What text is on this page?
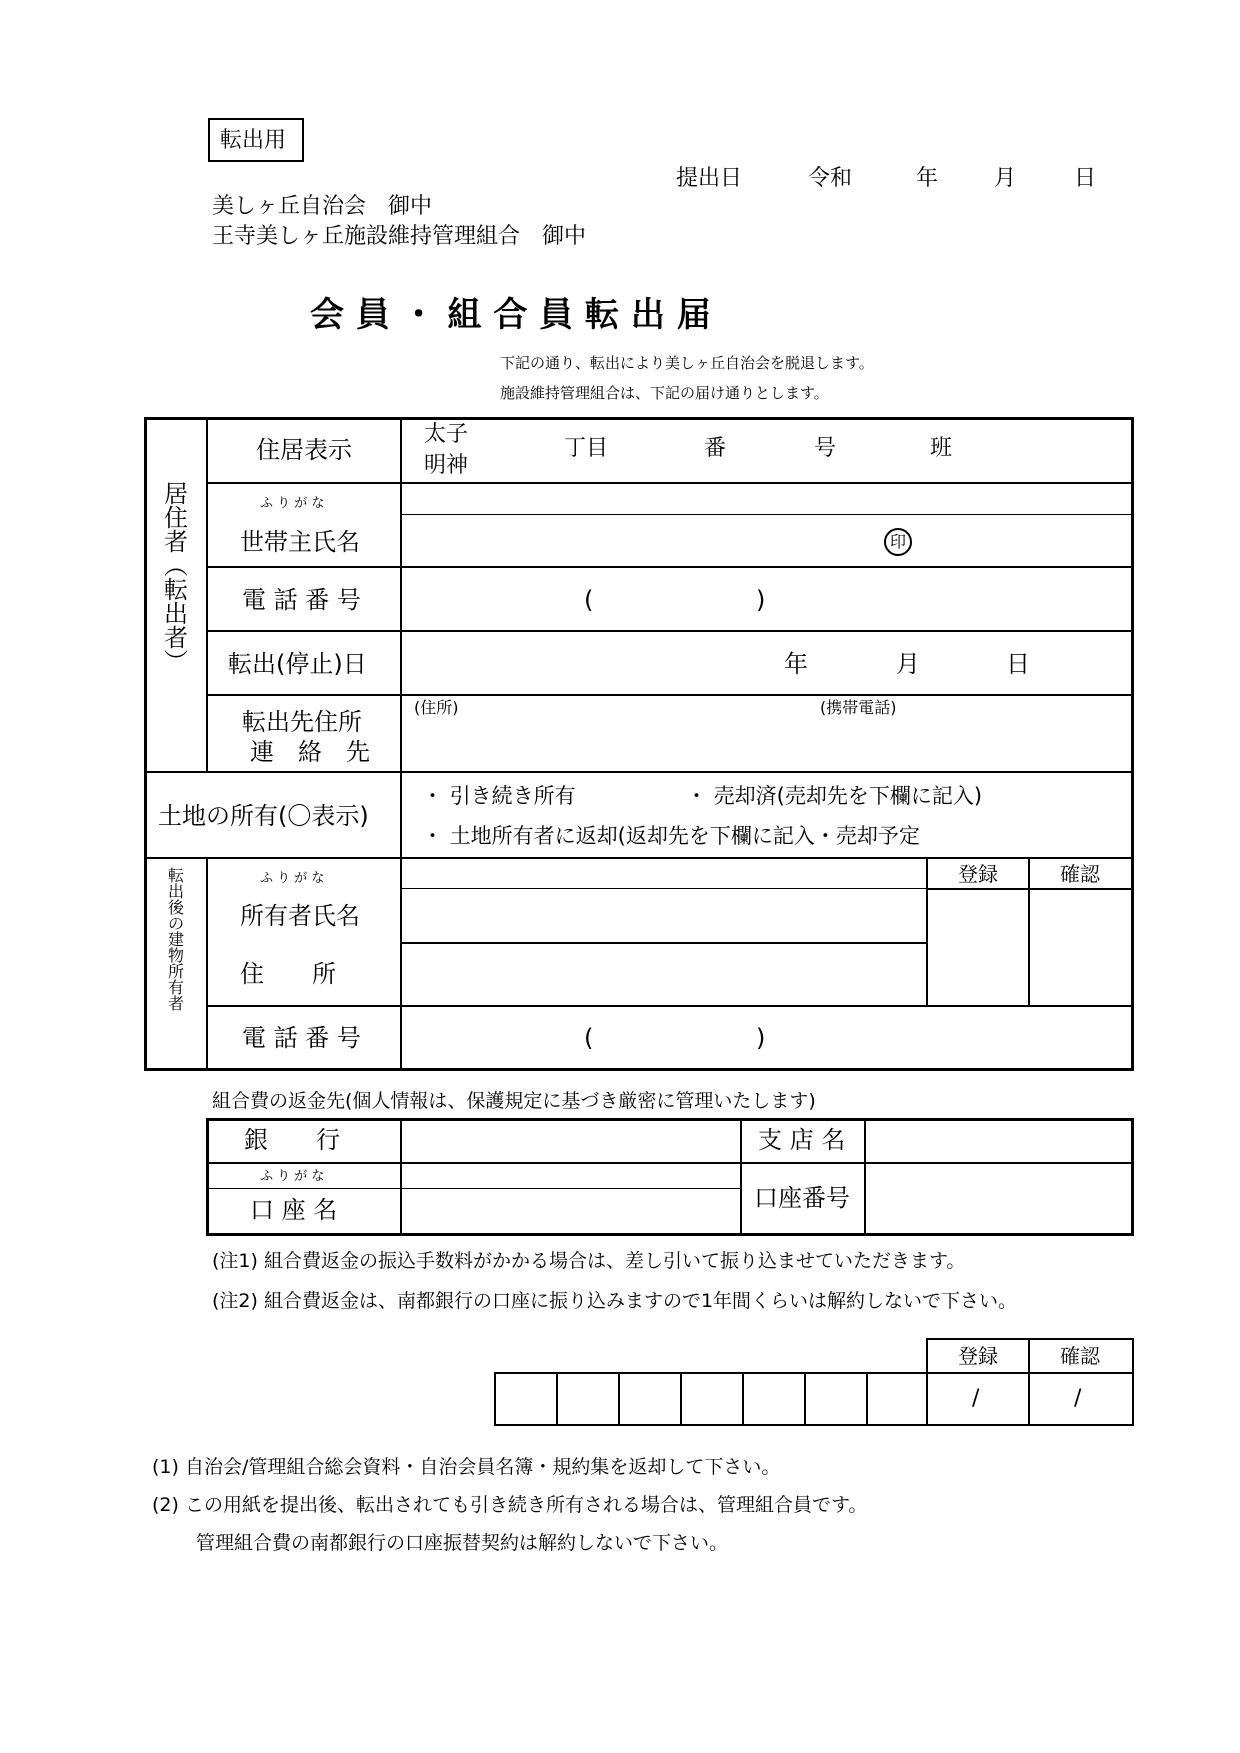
転出用
提出日	令和	年	月	日
美しヶ丘自治会　御中
王寺美しヶ丘施設維持管理組合　御中
会 員 ・ 組 合 員 転 出 届
下記の通り、転出により美しヶ丘自治会を脱退します。
施設維持管理組合は、下記の届け通りとします。
居
住
者
︵
転
出
者
︶
住居表示
太子
明神
丁目	番	号	班
ふ り が な
世帯主氏名	印
電 話 番 号	(	)
転出(停止)日	年	月	日
転出先住所
連　絡　先
(住所)	(携帯電話)
土地の所有(〇表示)
・ 引き続き所有	・ 売却済(売却先を下欄に記入)
・ 土地所有者に返却(返却先を下欄に記入・売却予定
転
出
後
の
建
物
所
有
者
登録	確認
ふ り が な
所有者氏名
住　　所
電 話 番 号	(	)
組合費の返金先(個人情報は、保護規定に基づき厳密に管理いたします)
銀　　行	支 店 名
ふ り が な
口 座 名	口座番号
(注1) 組合費返金の振込手数料がかかる場合は、差し引いて振り込ませていただきます。
(注2) 組合費返金は、南都銀行の口座に振り込みますので1年間くらいは解約しないで下さい。
登録	確認
/	/
(1) 自治会/管理組合総会資料・自治会員名簿・規約集を返却して下さい。
(2) この用紙を提出後、転出されても引き続き所有される場合は、管理組合員です。
管理組合費の南都銀行の口座振替契約は解約しないで下さい。
